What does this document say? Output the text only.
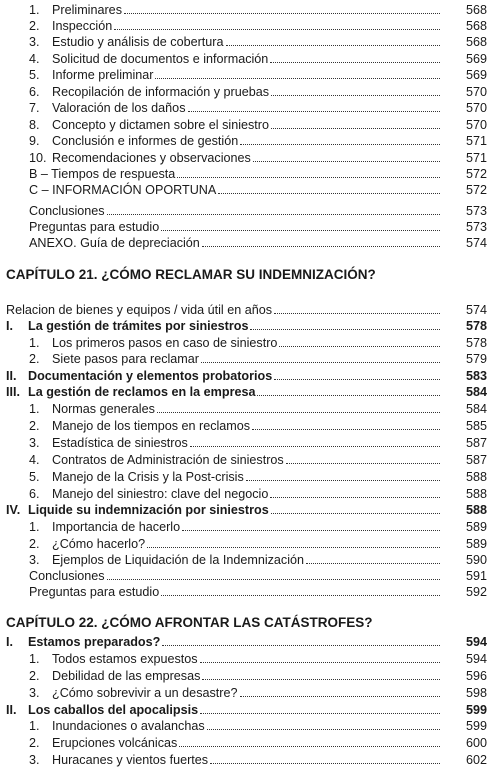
1. Preliminares	568
2. Inspección	568
3. Estudio y análisis de cobertura	568
4. Solicitud de documentos e información	569
5. Informe preliminar	569
6. Recopilación de información y pruebas	570
7. Valoración de los daños	570
8. Concepto y dictamen sobre el siniestro	570
9. Conclusión e informes de gestión	571
10. Recomendaciones y observaciones	571
B – Tiempos de respuesta	572
C – INFORMACIÓN OPORTUNA	572
Conclusiones	573
Preguntas para estudio	573
ANEXO. Guía de depreciación	574
CAPÍTULO 21. ¿CÓMO RECLAMAR SU INDEMNIZACIÓN?
Relacion de bienes y equipos / vida útil en años	574
I. La gestión de trámites por siniestros	578
1. Los primeros pasos en caso de siniestro	578
2. Siete pasos para reclamar	579
II. Documentación y elementos probatorios	583
III. La gestión de reclamos en la empresa	584
1. Normas generales	584
2. Manejo de los tiempos en reclamos	585
3. Estadística de siniestros	587
4. Contratos de Administración de siniestros	587
5. Manejo de la Crisis y la Post-crisis	588
6. Manejo del siniestro: clave del negocio	588
IV. Liquide su indemnización por siniestros	588
1. Importancia de hacerlo	589
2. ¿Cómo hacerlo?	589
3. Ejemplos de Liquidación de la Indemnización	590
Conclusiones	591
Preguntas para estudio	592
CAPÍTULO 22. ¿CÓMO AFRONTAR LAS CATÁSTROFES?
I. Estamos preparados?	594
1. Todos estamos expuestos	594
2. Debilidad de las empresas	596
3. ¿Cómo sobrevivir a un desastre?	598
II. Los caballos del apocalipsis	599
1. Inundaciones o avalanchas	599
2. Erupciones volcánicas	600
3. Huracanes y vientos fuertes	602
